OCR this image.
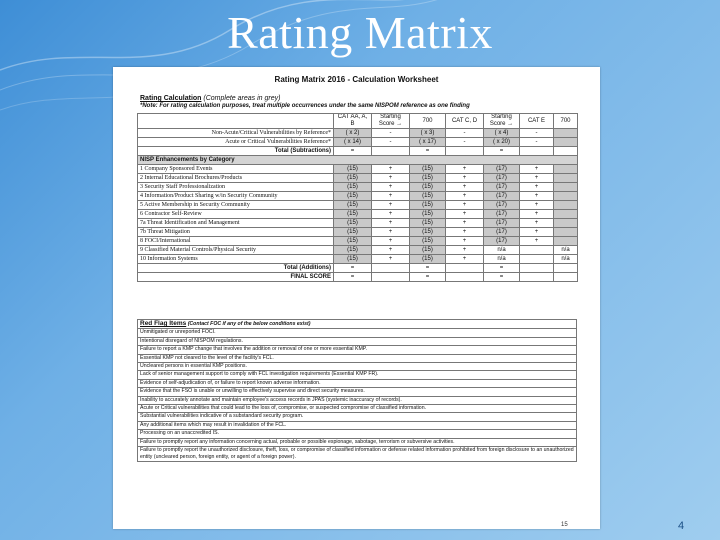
Rating Matrix
Rating Matrix 2016 - Calculation Worksheet
Rating Calculation (Complete areas in grey)
*Note: For rating calculation purposes, treat multiple occurrences under the same NISPOM reference as one finding
	CAT AA, A, B	Starting Score →	700	CAT C, D	Starting Score →	CAT E	700
Non-Acute/Critical Vulnerabilities by Reference*	( x 2)	-	( x 3)	-	( x 4)	-	
Acute or Critical Vulnerabilities Reference*	( x 14)	-	( x 17)	-	( x 20)	-	
Total (Subtractions)	=		=		=		
NISP Enhancements by Category							
1 Company Sponsored Events	(15)	+	(15)	+	(17)	+	
2 Internal Educational Brochures/Products	(15)	+	(15)	+	(17)	+	
3 Security Staff Professionalization	(15)	+	(15)	+	(17)	+	
4 Information/Product Sharing w/in Security Community	(15)	+	(15)	+	(17)	+	
5 Active Membership in Security Community	(15)	+	(15)	+	(17)	+	
6 Contractor Self-Review	(15)	+	(15)	+	(17)	+	
7a Threat Identification and Management	(15)	+	(15)	+	(17)	+	
7b Threat Mitigation	(15)	+	(15)	+	(17)	+	
8 FOCI/International	(15)	+	(15)	+	(17)	+	
9 Classified Material Controls/Physical Security	(15)	+	(15)	+	n/a		n/a
10 Information Systems	(15)	+	(15)	+	n/a		n/a
Total (Additions)	=		=		=		
FINAL SCORE	=		=		=		
Red Flag Items (Contact FOC if any of the below conditions exist)
Unmitigated or unreported FOCI.
Intentional disregard of NISPOM regulations.
Failure to report a KMP change that involves the addition or removal of one or more essential KMP.
Essential KMP not cleared to the level of the facility's FCL.
Uncleared persons in essential KMP positions.
Lack of senior management support to comply with FCL investigation requirements (Essential KMP FR).
Evidence of self-adjudication of, or failure to report known adverse information.
Evidence that the FSO is unable or unwilling to effectively supervise and direct security measures.
Inability to accurately annotate and maintain employee's access records in JPAS (systemic inaccuracy of records).
Acute or Critical vulnerabilities that could lead to the loss of, compromise, or suspected compromise of classified information.
Substantial vulnerabilities indicative of a substandard security program.
Any additional items which may result in invalidation of the FCL.
Processing on an unaccredited IS.
Failure to promptly report any information concerning actual, probable or possible espionage, sabotage, terrorism or subversive activities.
Failure to promptly report the unauthorized disclosure, theft, loss, or compromise of classified information or defense related information prohibited from foreign disclosure to an unauthorized entity (uncleared person, foreign entity, or agent of a foreign power).
15	4
